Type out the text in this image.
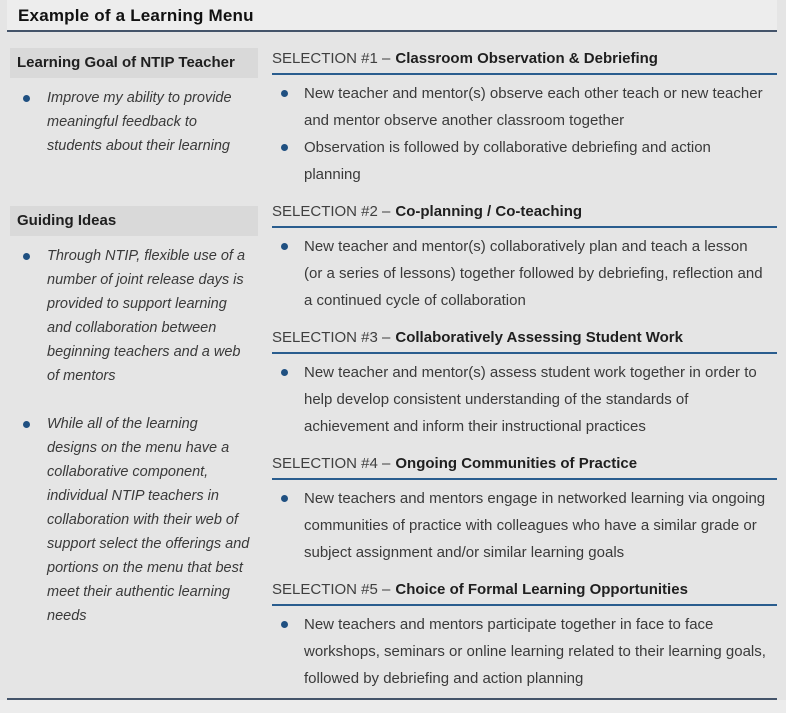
Example of a Learning Menu
Learning Goal of NTIP Teacher
Improve my ability to provide meaningful feedback to students about their learning
Guiding Ideas
Through NTIP, flexible use of a number of joint release days is provided to support learning and collaboration between beginning teachers and a web of mentors
While all of the learning designs on the menu have a collaborative component, individual NTIP teachers in collaboration with their web of support select the offerings and portions on the menu that best meet their authentic learning needs
SELECTION #1 – Classroom Observation & Debriefing
New teacher and mentor(s) observe each other teach or new teacher and mentor observe another classroom together
Observation is followed by collaborative debriefing and action planning
SELECTION #2 – Co-planning / Co-teaching
New teacher and mentor(s) collaboratively plan and teach a lesson (or a series of lessons) together followed by debriefing, reflection and a continued cycle of collaboration
SELECTION #3 – Collaboratively Assessing Student Work
New teacher and mentor(s) assess student work together in order to help develop consistent understanding of the standards of achievement and inform their instructional practices
SELECTION #4 – Ongoing Communities of Practice
New teachers and mentors engage in networked learning via ongoing communities of practice with colleagues who have a similar grade or subject assignment and/or similar learning goals
SELECTION #5 – Choice of Formal Learning Opportunities
New teachers and mentors participate together in face to face workshops, seminars or online learning related to their learning goals, followed by debriefing and action planning
